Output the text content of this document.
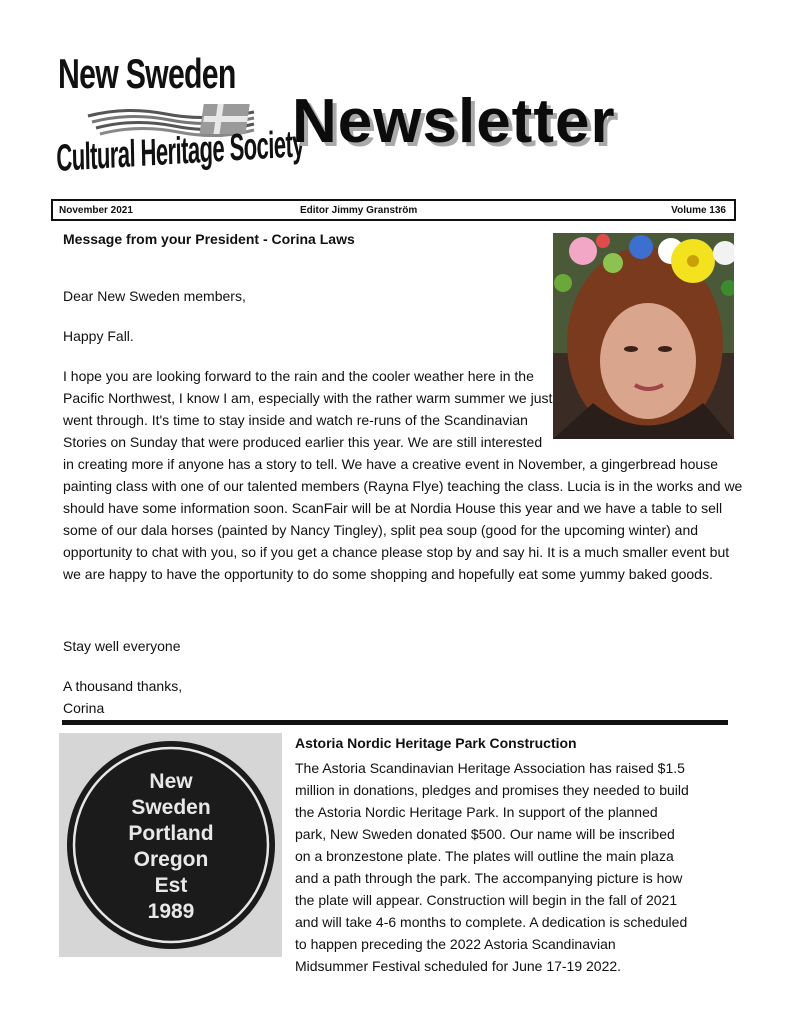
New Sweden
Cultural Heritage Society
Newsletter
November 2021	Editor Jimmy Granström	Volume 136
Message from your President - Corina Laws
Dear New Sweden members,
Happy Fall.

I hope you are looking forward to the rain and the cooler weather here in the Pacific Northwest, I know I am, especially with the rather warm summer we just went through. It's time to stay inside and watch re-runs of the Scandinavian Stories on Sunday that were produced earlier this year. We are still interested in creating more if anyone has a story to tell. We have a creative event in November, a gingerbread house painting class with one of our talented members (Rayna Flye) teaching the class. Lucia is in the works and we should have some information soon. ScanFair will be at Nordia House this year and we have a table to sell some of our dala horses (painted by Nancy Tingley), split pea soup (good for the upcoming winter) and opportunity to chat with you, so if you get a chance please stop by and say hi. It is a much smaller event but we are happy to have the opportunity to do some shopping and hopefully eat some yummy baked goods.

Stay well everyone
A thousand thanks,
Corina
New
Sweden
Portland
Oregon
Est
1989
Astoria Nordic Heritage Park Construction
The Astoria Scandinavian Heritage Association has raised $1.5
million in donations, pledges and promises they needed to build
the Astoria Nordic Heritage Park. In support of the planned
park, New Sweden donated $500. Our name will be inscribed
on a bronzestone plate. The plates will outline the main plaza
and a path through the park. The accompanying picture is how
the plate will appear. Construction will begin in the fall of 2021
and will take 4-6 months to complete. A dedication is scheduled
to happen preceding the 2022 Astoria Scandinavian
Midsummer Festival scheduled for June 17-19 2022.
